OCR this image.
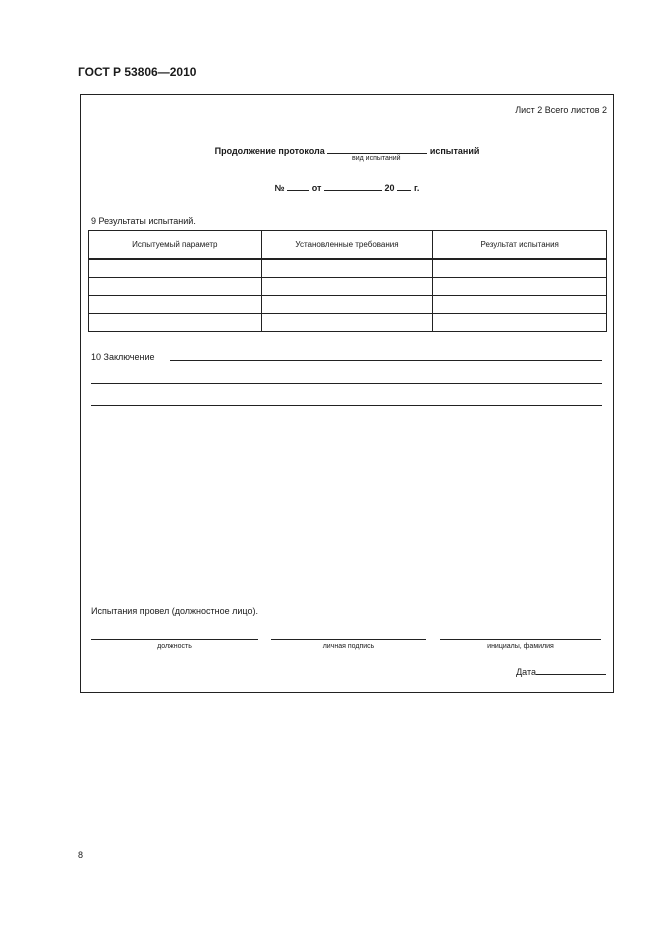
ГОСТ Р 53806—2010
Лист 2 Всего листов 2
Продолжение протокола	испытаний
вид испытаний
№	от	20 г.
9 Результаты испытаний.
Испытуемый параметр	Установленные требования	Результат испытания

10 Заключение
Испытания провел (должностное лицо).
должность	личная подпись	инициалы, фамилия
Дата
8
